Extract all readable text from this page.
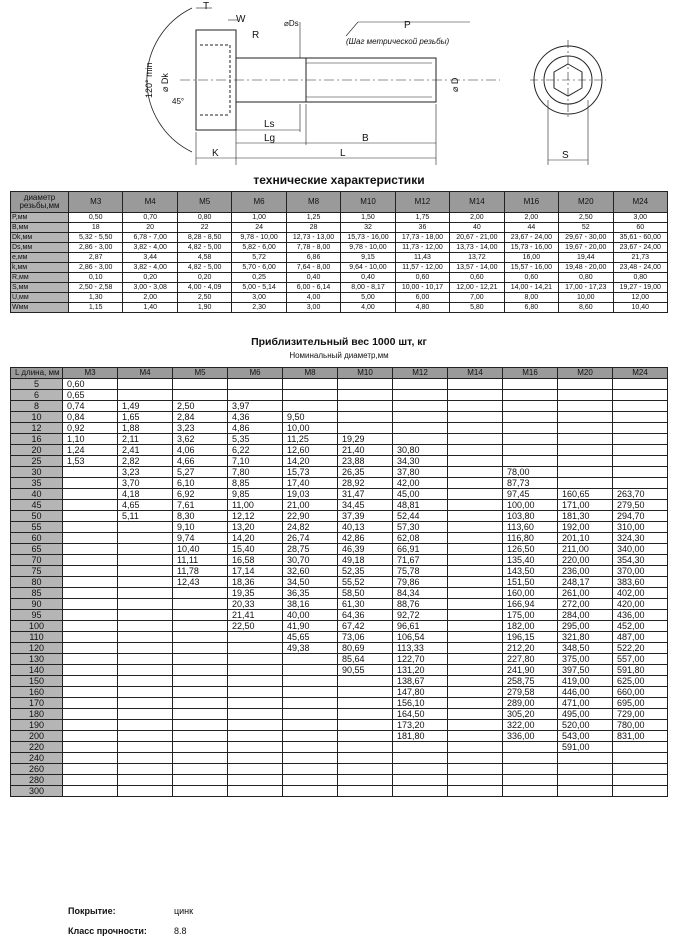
T
W
R
⌀Ds	P
(Шаг метрической резьбы)
⌀ Dk
120° min
45°
⌀ D
Ls
Lg	B
K	L	S
технические характеристики
диаметр
резьбы,мм	M3	M4	M5	M6	M8	M10	M12	M14	M16	M20	M24
P,мм	0,50	0,70	0,80	1,00	1,25	1,50	1,75	2,00	2,00	2,50	3,00
B,мм	18	20	22	24	28	32	36	40	44	52	60
Dk,мм	5,32 - 5,50	6,78 - 7,00	8,28 - 8,50	9,78 - 10,00	12,73 - 13,00	15,73 - 16,00	17,73 - 18,00	20,67 - 21,00	23,67 - 24,00	29,67 - 30,00	35,61 - 60,00
Ds,мм	2,86 - 3,00	3,82 - 4,00	4,82 - 5,00	5,82 - 6,00	7,78 - 8,00	9,78 - 10,00	11,73 - 12,00	13,73 - 14,00	15,73 - 16,00	19,67 - 20,00	23,67 - 24,00
e,мм	2,87	3,44	4,58	5,72	6,86	9,15	11,43	13,72	16,00	19,44	21,73
k,мм	2,86 - 3,00	3,82 - 4,00	4,82 - 5,00	5,70 - 6,00	7,64 - 8,00	9,64 - 10,00	11,57 - 12,00	13,57 - 14,00	15,57 - 16,00	19,48 - 20,00	23,48 - 24,00
R,мм	0,10	0,20	0,20	0,25	0,40	0,40	0,60	0,60	0,60	0,80	0,80
S,мм	2,50 - 2,58	3,00 - 3,08	4,00 - 4,09	5,00 - 5,14	6,00 - 6,14	8,00 - 8,17	10,00 - 10,17	12,00 - 12,21	14,00 - 14,21	17,00 - 17,23	19,27 - 19,00
U,мм	1,30	2,00	2,50	3,00	4,00	5,00	6,00	7,00	8,00	10,00	12,00
Wмм	1,15	1,40	1,90	2,30	3,00	4,00	4,80	5,80	6,80	8,60	10,40
Приблизительный вес 1000 шт, кг
Номинальный диаметр,мм
L длина, мм	M3	M4	M5	M6	M8	M10	M12	M14	M16	M20	M24
5	0,60										
6	0,65										
8	0,74	1,49	2,50	3,97							
10	0,84	1,65	2,84	4,36	9,50						
12	0,92	1,88	3,23	4,86	10,00						
16	1,10	2,11	3,62	5,35	11,25	19,29					
20	1,24	2,41	4,06	6,22	12,60	21,40	30,80				
25	1,53	2,82	4,66	7,10	14,20	23,88	34,30				
30		3,23	5,27	7,80	15,73	26,35	37,80		78,00		
35		3,70	6,10	8,85	17,40	28,92	42,00		87,73		
40		4,18	6,92	9,85	19,03	31,47	45,00		97,45	160,65	263,70
45		4,65	7,61	11,00	21,00	34,45	48,81		100,00	171,00	279,50
50		5,11	8,30	12,12	22,90	37,39	52,44		103,80	181,30	294,70
55			9,10	13,20	24,82	40,13	57,30		113,60	192,00	310,00
60			9,74	14,20	26,74	42,86	62,08		116,80	201,10	324,30
65			10,40	15,40	28,75	46,39	66,91		126,50	211,00	340,00
70			11,11	16,58	30,70	49,18	71,67		135,40	220,00	354,30
75			11,78	17,14	32,60	52,35	75,78		143,50	236,00	370,00
80			12,43	18,36	34,50	55,52	79,86		151,50	248,17	383,60
85				19,35	36,35	58,50	84,34		160,00	261,00	402,00
90				20,33	38,16	61,30	88,76		166,94	272,00	420,00
95				21,41	40,00	64,36	92,72		175,00	284,00	436,00
100				22,50	41,90	67,42	96,61		182,00	295,00	452,00
110					45,65	73,06	106,54		196,15	321,80	487,00
120					49,38	80,69	113,33		212,20	348,50	522,20
130						85,64	122,70		227,80	375,00	557,00
140						90,55	131,20		241,90	397,50	591,80
150							138,67		258,75	419,00	625,00
160							147,80		279,58	446,00	660,00
170							156,10		289,00	471,00	695,00
180							164,50		305,20	495,00	729,00
190							173,20		322,00	520,00	780,00
200							181,80		336,00	543,00	831,00
220										591,00	
240											
260											
280											
300											
Покрытие:	цинк
Класс прочности:	8.8
